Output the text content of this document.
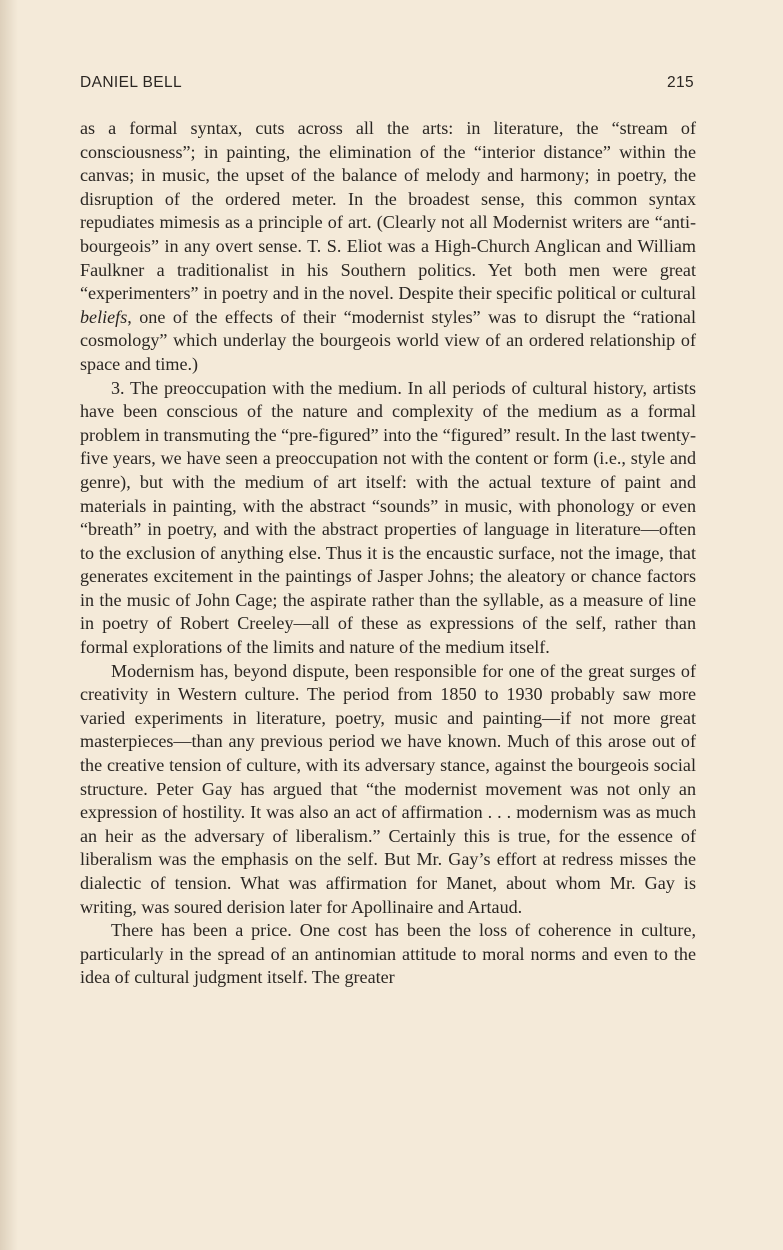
DANIEL BELL	215

as a formal syntax, cuts across all the arts: in literature, the “stream of consciousness”; in painting, the elimination of the “interior distance” within the canvas; in music, the upset of the balance of melody and harmony; in poetry, the disruption of the ordered meter. In the broadest sense, this common syntax repudiates mimesis as a principle of art. (Clearly not all Modernist writers are “anti-bourgeois” in any overt sense. T. S. Eliot was a High-Church Anglican and William Faulkner a traditionalist in his Southern politics. Yet both men were great “experimenters” in poetry and in the novel. Despite their specific political or cultural beliefs, one of the effects of their “modernist styles” was to disrupt the “rational cosmology” which underlay the bourgeois world view of an ordered relationship of space and time.)

3. The preoccupation with the medium. In all periods of cultural history, artists have been conscious of the nature and complexity of the medium as a formal problem in transmuting the “pre-figured” into the “figured” result. In the last twenty-five years, we have seen a preoccupation not with the content or form (i.e., style and genre), but with the medium of art itself: with the actual texture of paint and materials in painting, with the abstract “sounds” in music, with phonology or even “breath” in poetry, and with the abstract properties of language in literature—often to the exclusion of anything else. Thus it is the encaustic surface, not the image, that generates excitement in the paintings of Jasper Johns; the aleatory or chance factors in the music of John Cage; the aspirate rather than the syllable, as a measure of line in poetry of Robert Creeley—all of these as expressions of the self, rather than formal explorations of the limits and nature of the medium itself.

Modernism has, beyond dispute, been responsible for one of the great surges of creativity in Western culture. The period from 1850 to 1930 probably saw more varied experiments in literature, poetry, music and painting—if not more great masterpieces—than any previous period we have known. Much of this arose out of the creative tension of culture, with its adversary stance, against the bourgeois social structure. Peter Gay has argued that “the modernist movement was not only an expression of hostility. It was also an act of affirmation . . . modernism was as much an heir as the adversary of liberalism.” Certainly this is true, for the essence of liberalism was the emphasis on the self. But Mr. Gay’s effort at redress misses the dialectic of tension. What was affirmation for Manet, about whom Mr. Gay is writing, was soured derision later for Apollinaire and Artaud.

There has been a price. One cost has been the loss of coherence in culture, particularly in the spread of an antinomian attitude to moral norms and even to the idea of cultural judgment itself. The greater
